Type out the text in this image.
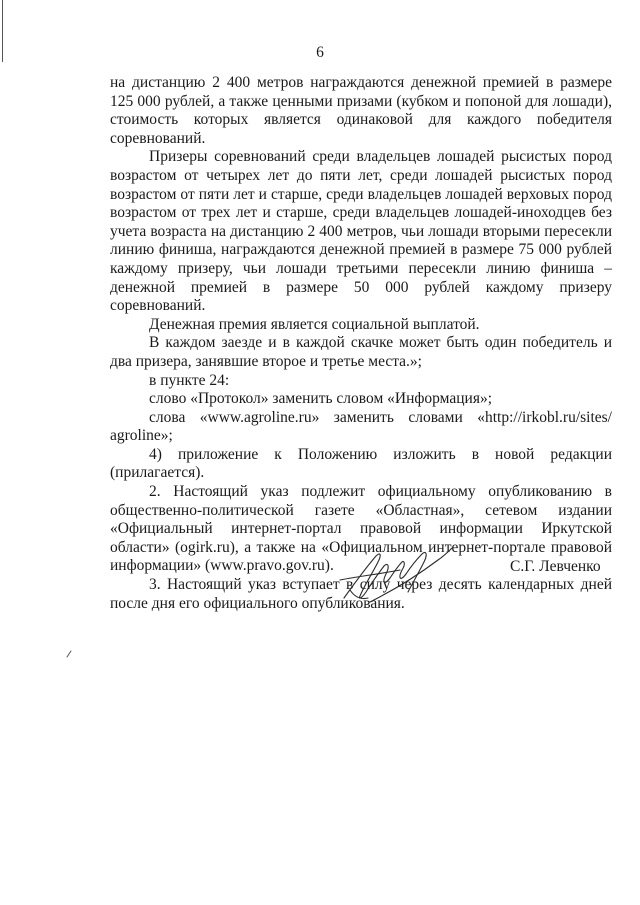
6

на дистанцию 2 400 метров награждаются денежной премией в размере 125 000 рублей, а также ценными призами (кубком и попоной для лошади), стоимость которых является одинаковой для каждого победителя соревнований.

Призеры соревнований среди владельцев лошадей рысистых пород возрастом от четырех лет до пяти лет, среди лошадей рысистых пород возрастом от пяти лет и старше, среди владельцев лошадей верховых пород возрастом от трех лет и старше, среди владельцев лошадей-иноходцев без учета возраста на дистанцию 2 400 метров, чьи лошади вторыми пересекли линию финиша, награждаются денежной премией в размере 75 000 рублей каждому призеру, чьи лошади третьими пересекли линию финиша – денежной премией в размере 50 000 рублей каждому призеру соревнований.

Денежная премия является социальной выплатой.

В каждом заезде и в каждой скачке может быть один победитель и два призера, занявшие второе и третье места.»;

в пункте 24:

слово «Протокол» заменить словом «Информация»;

слова «www.agroline.ru» заменить словами «http://irkobl.ru/sites/ agroline»;

4) приложение к Положению изложить в новой редакции (прилагается).

2. Настоящий указ подлежит официальному опубликованию в общественно-политической газете «Областная», сетевом издании «Официальный интернет-портал правовой информации Иркутской области» (ogirk.ru), а также на «Официальном интернет-портале правовой информации» (www.pravo.gov.ru).

3. Настоящий указ вступает в силу через десять календарных дней после дня его официального опубликования.

С.Г. Левченко
